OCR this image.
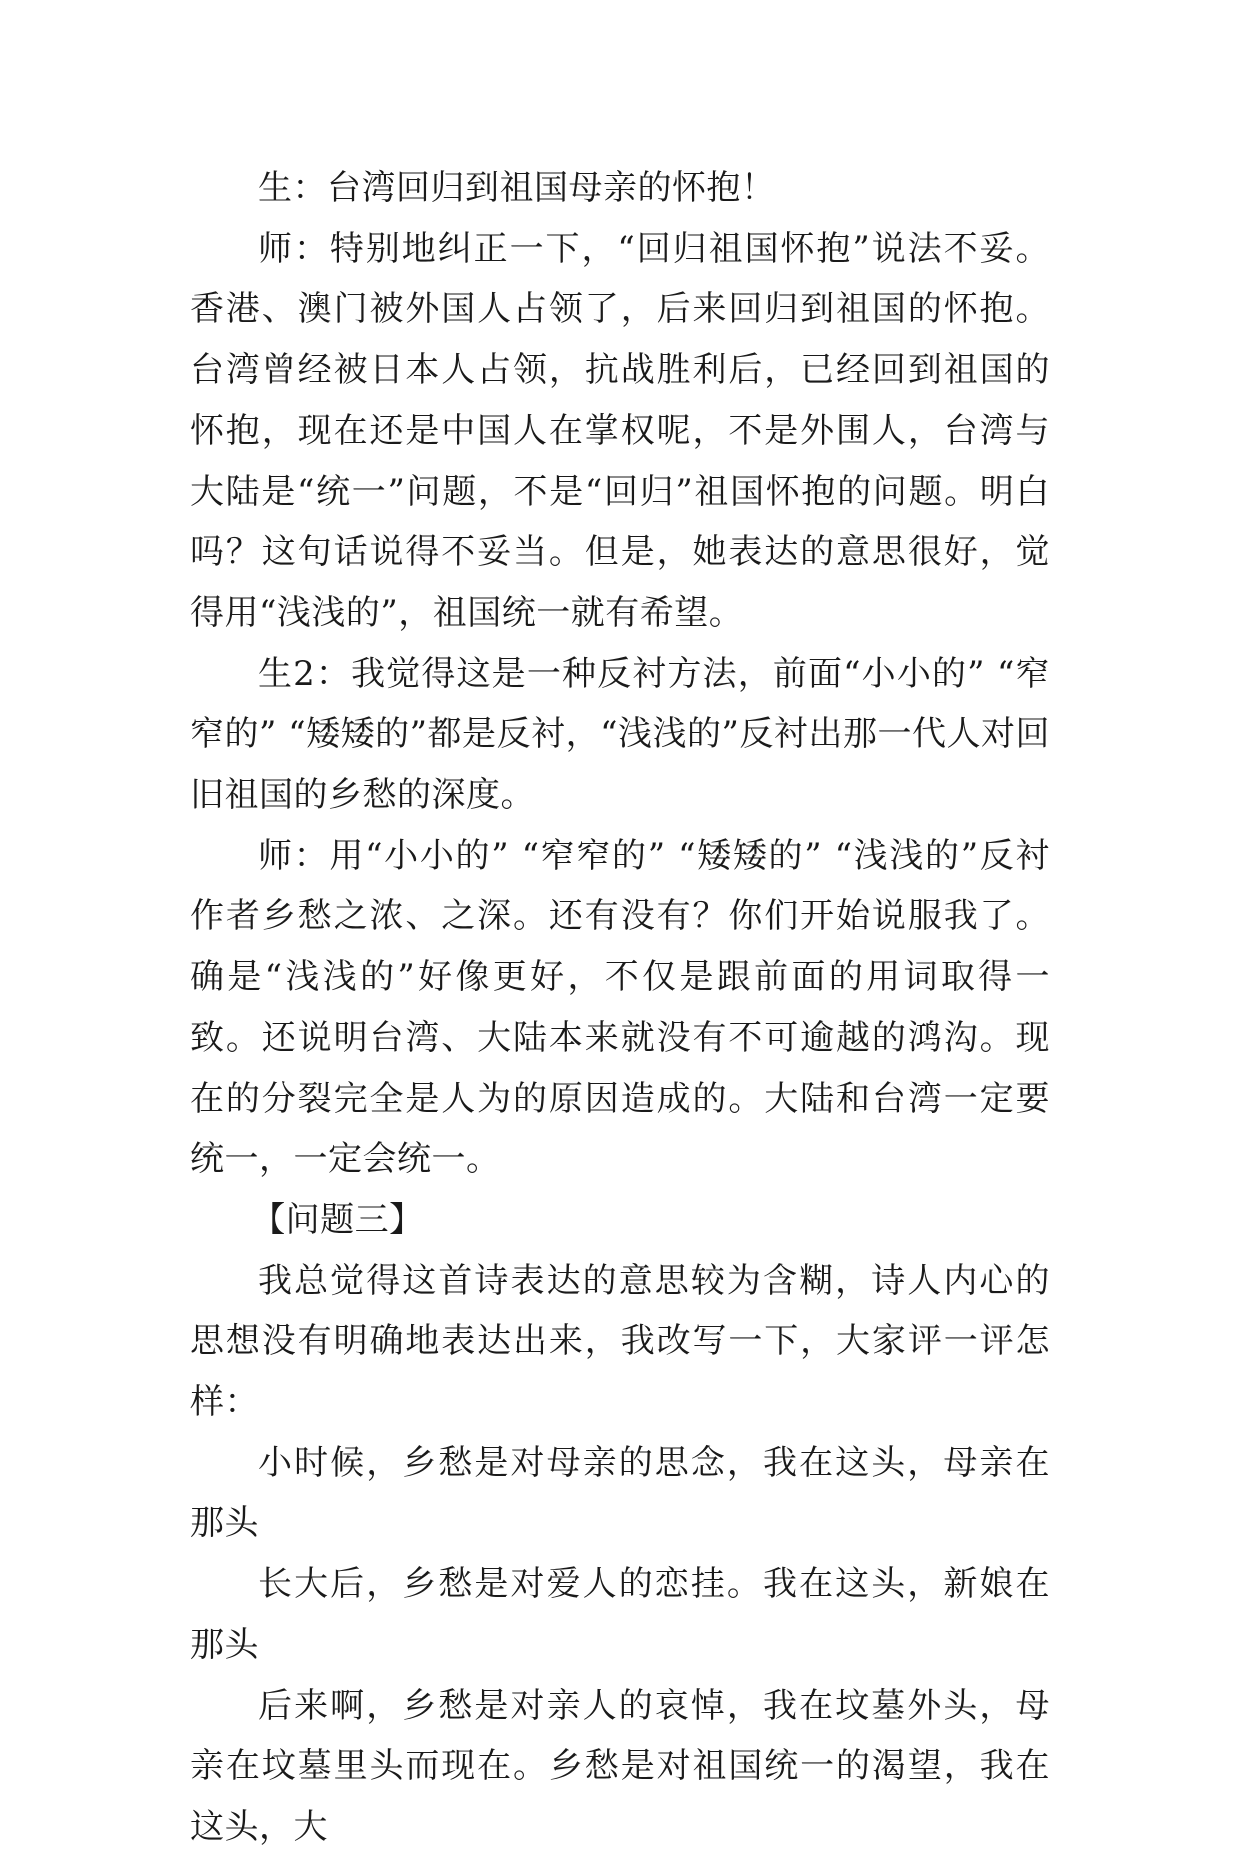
生：台湾回归到祖国母亲的怀抱！

师：特别地纠正一下，“回归祖国怀抱”说法不妥。香港、澳门被外国人占领了，后来回归到祖国的怀抱。台湾曾经被日本人占领，抗战胜利后，已经回到祖国的怀抱，现在还是中国人在掌权呢，不是外围人，台湾与大陆是“统一”问题，不是“回归”祖国怀抱的问题。明白吗？这句话说得不妥当。但是，她表达的意思很好，觉得用“浅浅的”，祖国统一就有希望。

生2：我觉得这是一种反衬方法，前面“小小的” “窄窄的” “矮矮的”都是反衬，“浅浅的”反衬出那一代人对回旧祖国的乡愁的深度。

师：用“小小的” “窄窄的” “矮矮的” “浅浅的”反衬作者乡愁之浓、之深。还有没有？你们开始说服我了。确是“浅浅的”好像更好，不仅是跟前面的用词取得一致。还说明台湾、大陆本来就没有不可逾越的鸿沟。现在的分裂完全是人为的原因造成的。大陆和台湾一定要统一，一定会统一。

【问题三】

我总觉得这首诗表达的意思较为含糊，诗人内心的思想没有明确地表达出来，我改写一下，大家评一评怎样：

小时候，乡愁是对母亲的思念，我在这头，母亲在那头

长大后，乡愁是对爱人的恋挂。我在这头，新娘在那头

后来啊，乡愁是对亲人的哀悼，我在坟墓外头，母亲在坟墓里头而现在。乡愁是对祖国统一的渴望，我在这头，大
